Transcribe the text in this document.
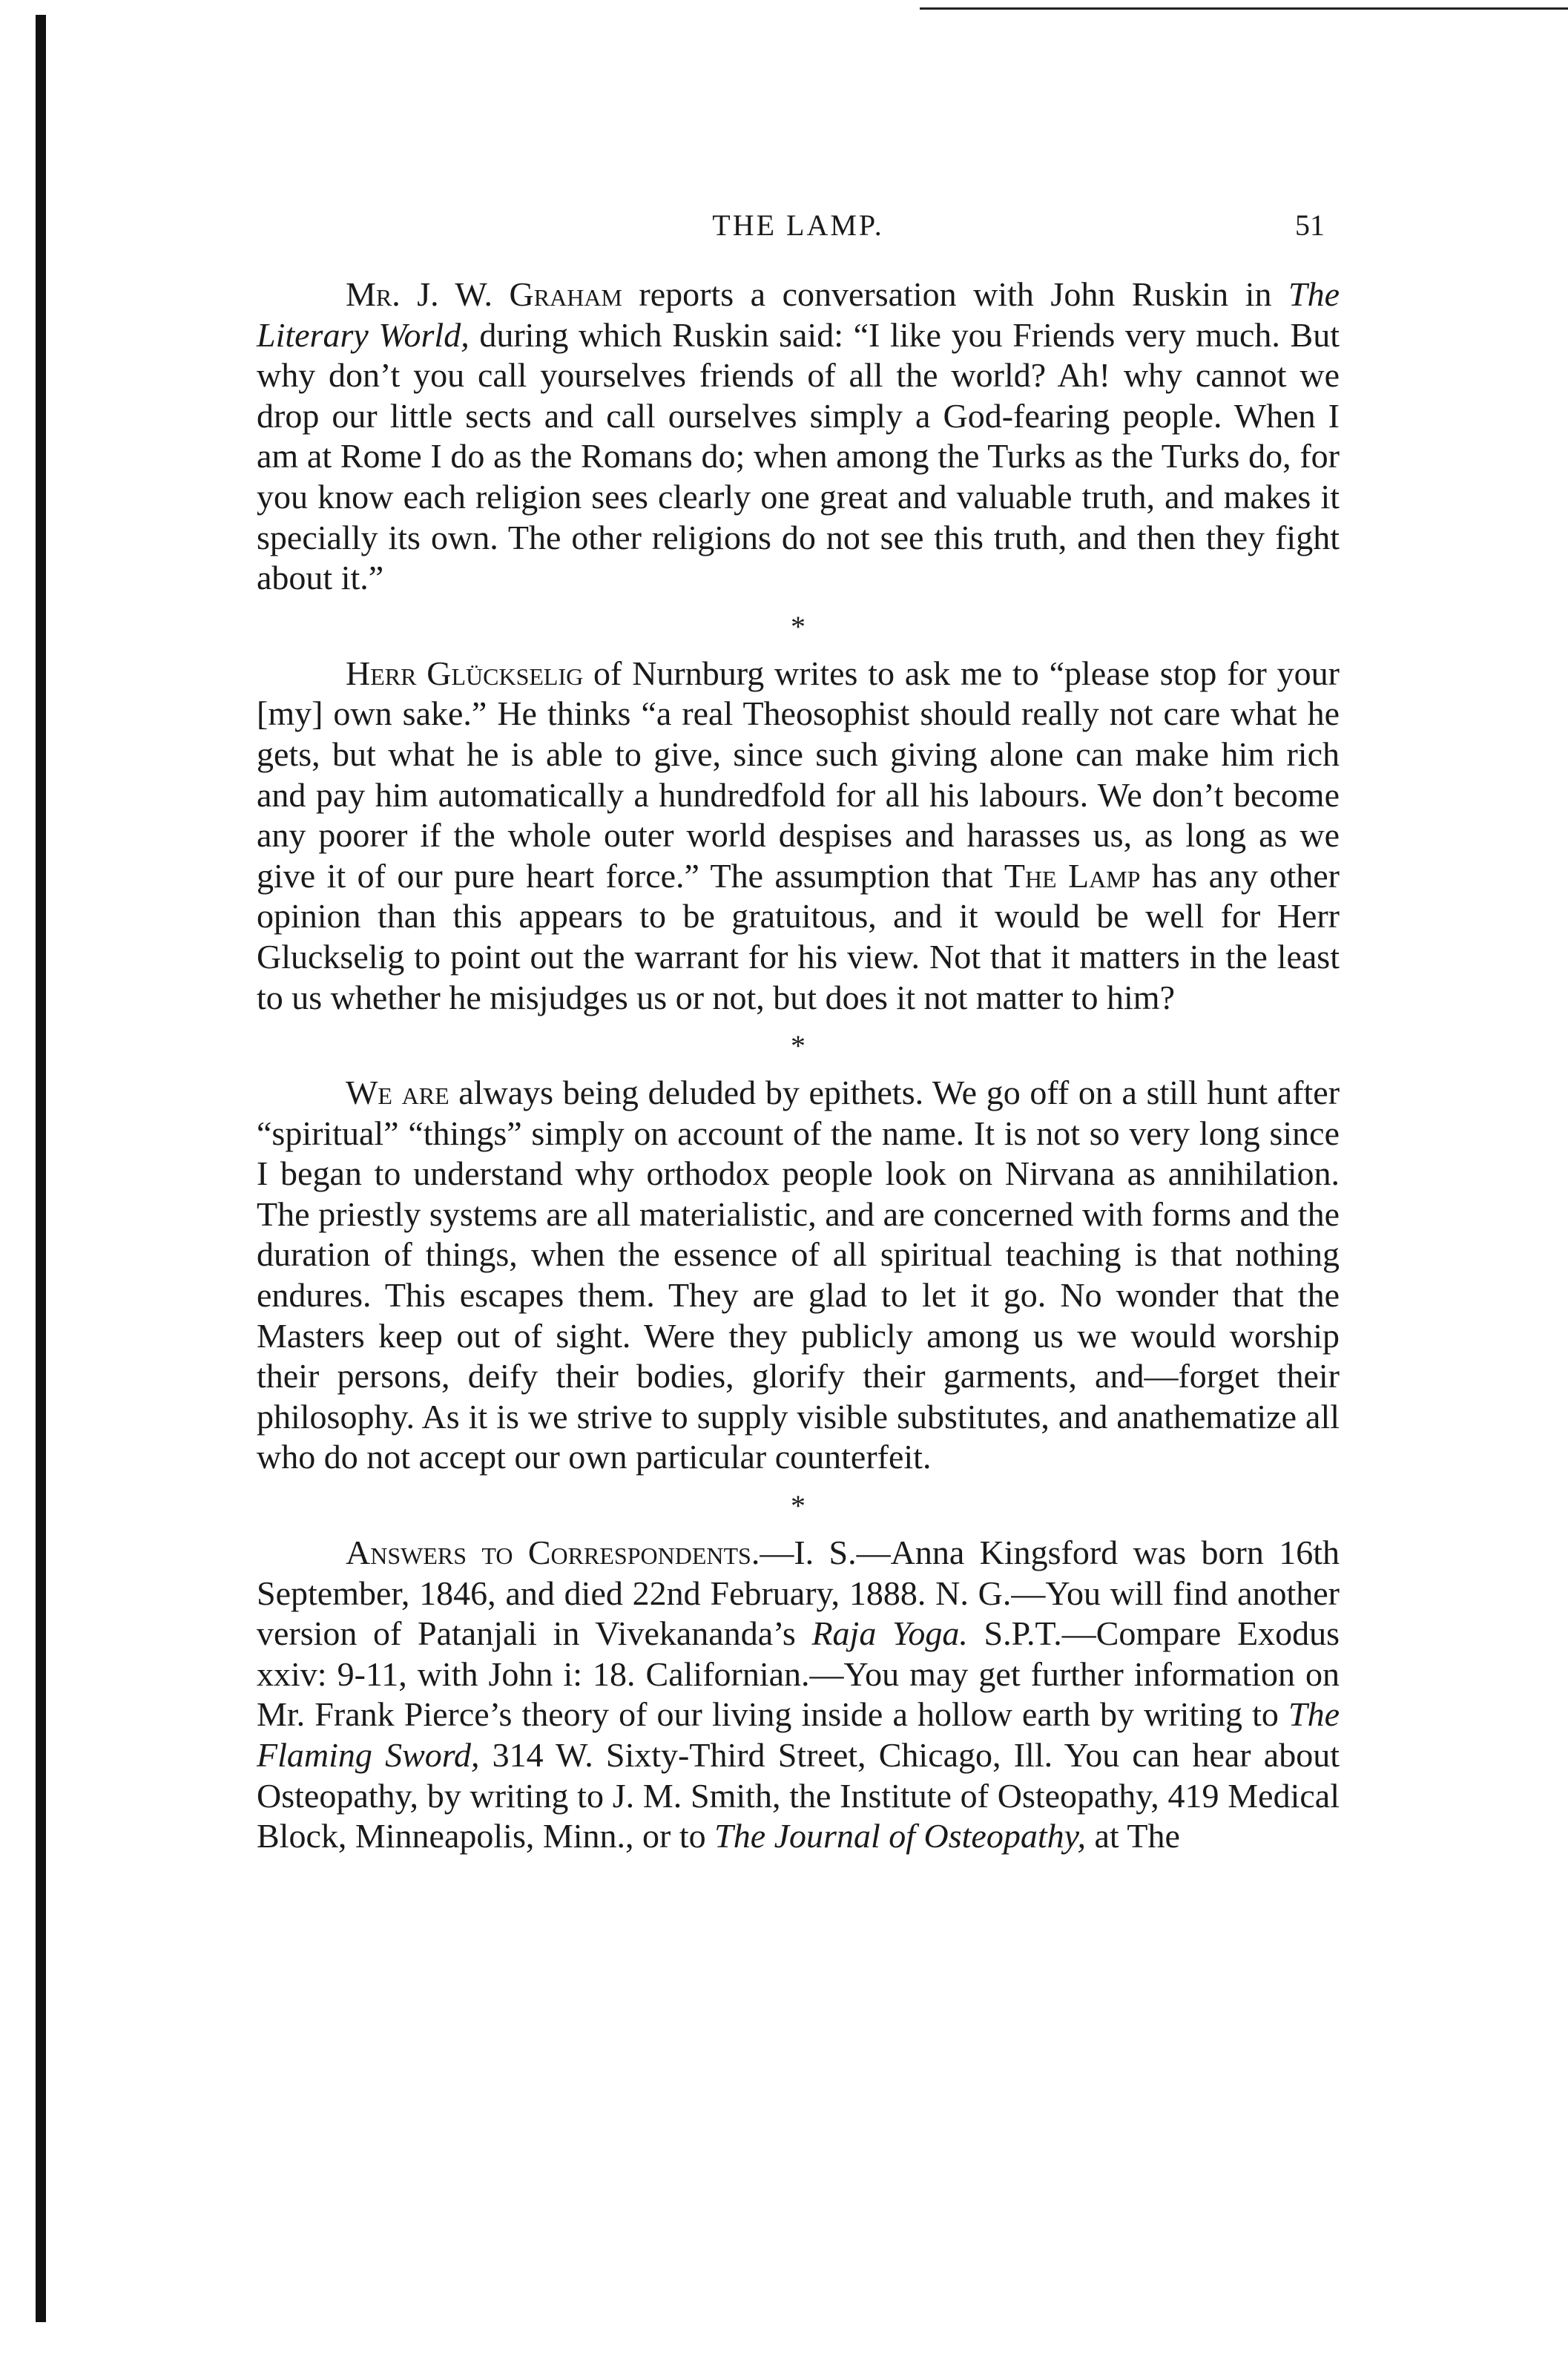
THE LAMP.	51

Mr. J. W. Graham reports a conversation with John Ruskin in The Literary World, during which Ruskin said: “I like you Friends very much. But why don’t you call yourselves friends of all the world? Ah! why cannot we drop our little sects and call ourselves simply a God-fearing people. When I am at Rome I do as the Romans do; when among the Turks as the Turks do, for you know each religion sees clearly one great and valuable truth, and makes it specially its own. The other religions do not see this truth, and then they fight about it.”

*

Herr Glückselig of Nurnburg writes to ask me to “please stop for your [my] own sake.” He thinks “a real Theosophist should really not care what he gets, but what he is able to give, since such giving alone can make him rich and pay him automatically a hundredfold for all his labours. We don’t become any poorer if the whole outer world despises and harasses us, as long as we give it of our pure heart force.” The assumption that The Lamp has any other opinion than this appears to be gratuitous, and it would be well for Herr Gluckselig to point out the warrant for his view. Not that it matters in the least to us whether he misjudges us or not, but does it not matter to him?

*

We are always being deluded by epithets. We go off on a still hunt after “spiritual” “things” simply on account of the name. It is not so very long since I began to understand why orthodox people look on Nirvana as annihilation. The priestly systems are all materialistic, and are concerned with forms and the duration of things, when the essence of all spiritual teaching is that nothing endures. This escapes them. They are glad to let it go. No wonder that the Masters keep out of sight. Were they publicly among us we would worship their persons, deify their bodies, glorify their garments, and—forget their philosophy. As it is we strive to supply visible substitutes, and anathematize all who do not accept our own particular counterfeit.

*

Answers to Correspondents.—I. S.—Anna Kingsford was born 16th September, 1846, and died 22nd February, 1888. N. G.—You will find another version of Patanjali in Vivekananda’s Raja Yoga. S.P.T.—Compare Exodus xxiv: 9-11, with John i: 18. Californian.—You may get further information on Mr. Frank Pierce’s theory of our living inside a hollow earth by writing to The Flaming Sword, 314 W. Sixty-Third Street, Chicago, Ill. You can hear about Osteopathy, by writing to J. M. Smith, the Institute of Osteopathy, 419 Medical Block, Minneapolis, Minn., or to The Journal of Osteopathy, at The
